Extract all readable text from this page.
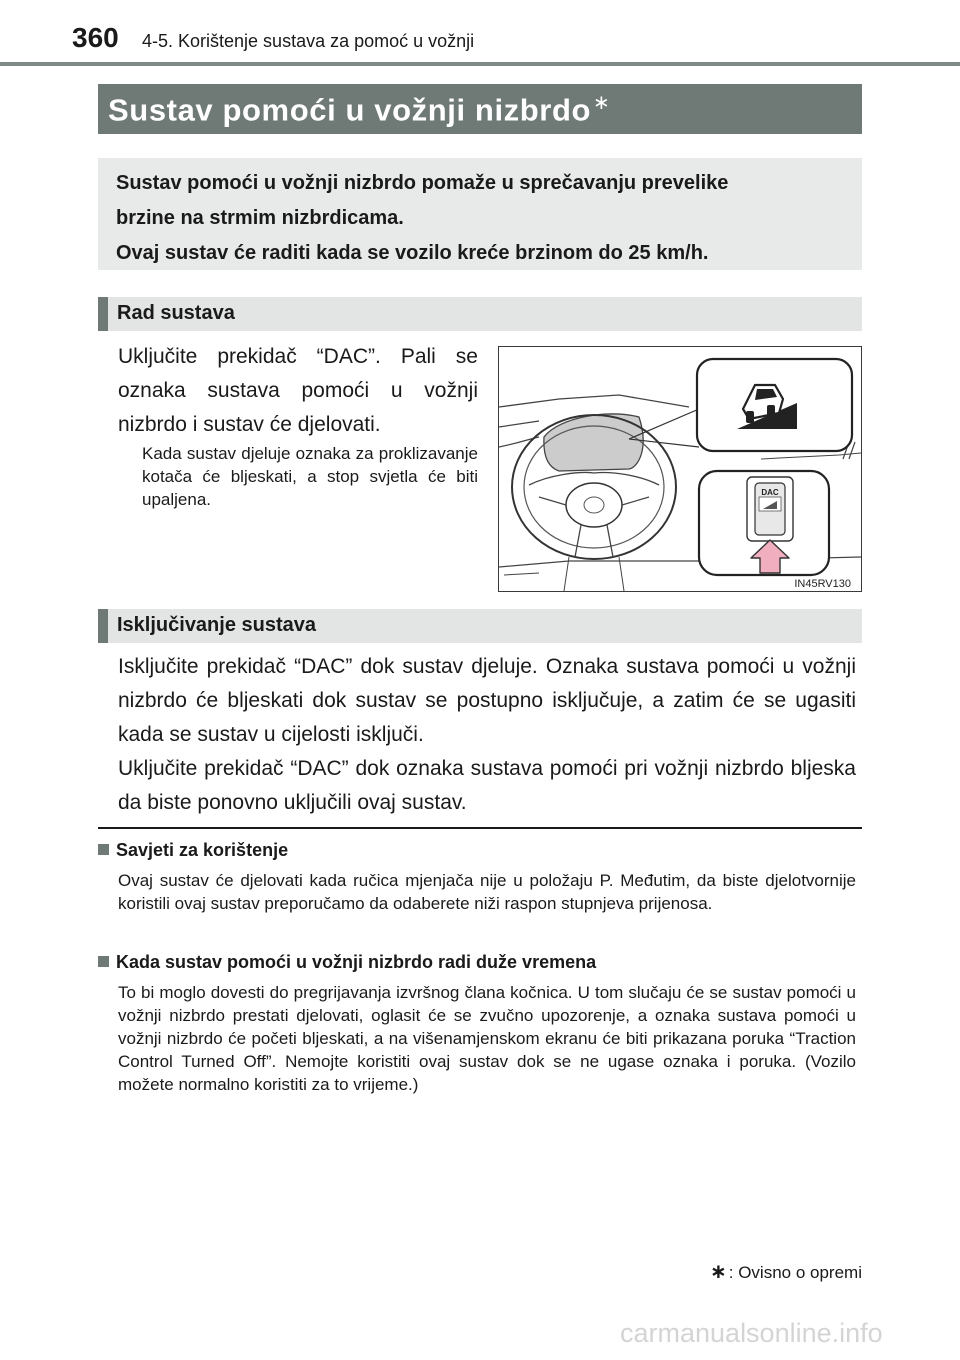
360 4-5. Korištenje sustava za pomoć u vožnji
Sustav pomoći u vožnji nizbrdo ∗
Sustav pomoći u vožnji nizbrdo pomaže u sprečavanju prevelike
brzine na strmim nizbrdicama.
Ovaj sustav će raditi kada se vozilo kreće brzinom do 25 km/h.
Rad sustava
Uključite prekidač “DAC”. Pali se oznaka sustava pomoći u vožnji nizbrdo i sustav će djelovati.
Kada sustav djeluje oznaka za proklizavanje kotača će bljeskati, a stop svjetla će biti upaljena.	DAC
IN45RV130
Isključivanje sustava
Isključite prekidač “DAC” dok sustav djeluje. Oznaka sustava pomoći u vožnji nizbrdo će bljeskati dok sustav se postupno isključuje, a zatim će se ugasiti kada se sustav u cijelosti isključi.
Uključite prekidač “DAC” dok oznaka sustava pomoći pri vožnji nizbrdo bljeska da biste ponovno uključili ovaj sustav.
Savjeti za korištenje
Ovaj sustav će djelovati kada ručica mjenjača nije u položaju P. Međutim, da biste djelotvornije koristili ovaj sustav preporučamo da odaberete niži raspon stupnjeva prijenosa.
Kada sustav pomoći u vožnji nizbrdo radi duže vremena
To bi moglo dovesti do pregrijavanja izvršnog člana kočnica. U tom slučaju će se sustav pomoći u vožnji nizbrdo prestati djelovati, oglasit će se zvučno upozorenje, a oznaka sustava pomoći u vožnji nizbrdo će početi bljeskati, a na višenamjenskom ekranu će biti prikazana poruka “Traction Control Turned Off”. Nemojte koristiti ovaj sustav dok se ne ugase oznaka i poruka. (Vozilo možete normalno koristiti za to vrijeme.)
∗ : Ovisno o opremi
carmanualsonline.info
